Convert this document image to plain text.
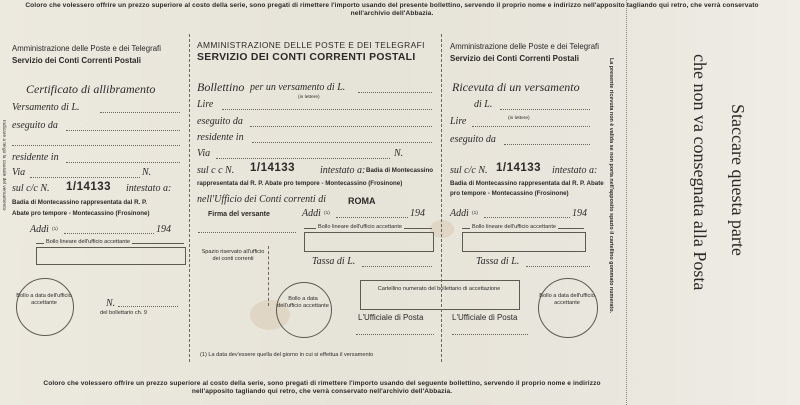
Coloro che volessero offrire un prezzo superiore al costo della serie, sono pregati di rimettere l'importo usando del presente bollettino, servendo il proprio nome e indirizzo nell'apposito tagliando qui retro, che verrà conservato nell'archivio dell'Abbazia.
Amministrazione delle Poste e dei Telegrafi
Servizio dei Conti Correnti Postali
Certificato di allibramento
Versamento di L.
eseguito da
residente in
Via	N.
sul c/c N. 1/14133 intestato a:
Badia di Montecassino rappresentata dal R. P.
Abate pro tempore - Montecassino (Frosinone)
Addì (1)	194
Bollo lineare dell'ufficio accettante
Bollo a data dell'ufficio accettante	N.
del bollettario ch. 9
Indicare a tergo la causale del versamento
AMMINISTRAZIONE DELLE POSTE E DEI TELEGRAFI
SERVIZIO DEI CONTI CORRENTI POSTALI
Bollettino per un versamento di L.
(in lettere)
Lire
eseguito da
residente in
Via	N.
sul c c N. 1/14133 intestato a: Badia di Montecassino
rappresentata dal R. P. Abate pro tempore - Montecassino (Frosinone)
nell'Ufficio dei Conti correnti di ROMA
Firma del versante	Addì (1)	194
Bollo lineare dell'ufficio accettante
Spazio riservato all'ufficio dei conti correnti	Tassa di L.
Cartellino numerato del bollettario di accettazione
Bollo a data dell'ufficio accettante
L'Ufficiale di Posta
(1) La data dev'essere quella del giorno in cui si effettua il versamento
Amministrazione delle Poste e dei Telegrafi
Servizio dei Conti Correnti Postali
Ricevuta di un versamento
di L.
Lire	(in lettere)
eseguito da
sul c/c N. 1/14133 intestato a:
Badia di Montecassino rappresentata dal R. P. Abate
pro tempore - Montecassino (Frosinone)
Addì (1)	194
Bollo lineare dell'ufficio accettante
Tassa di L.
L'Ufficiale di Posta
Bollo a data dell'ufficio accettante	La presente ricevuta non è valida se non porta nell'apposito spazio il cartellino gommato numerato.	Staccare questa parte
che non va consegnata alla Posta
Coloro che volessero offrire un prezzo superiore al costo della serie, sono pregati di rimettere l'importo usando del seguente bollettino, servendo il proprio nome e indirizzo nell'apposito tagliando qui retro, che verrà conservato nell'archivio dell'Abbazia.
